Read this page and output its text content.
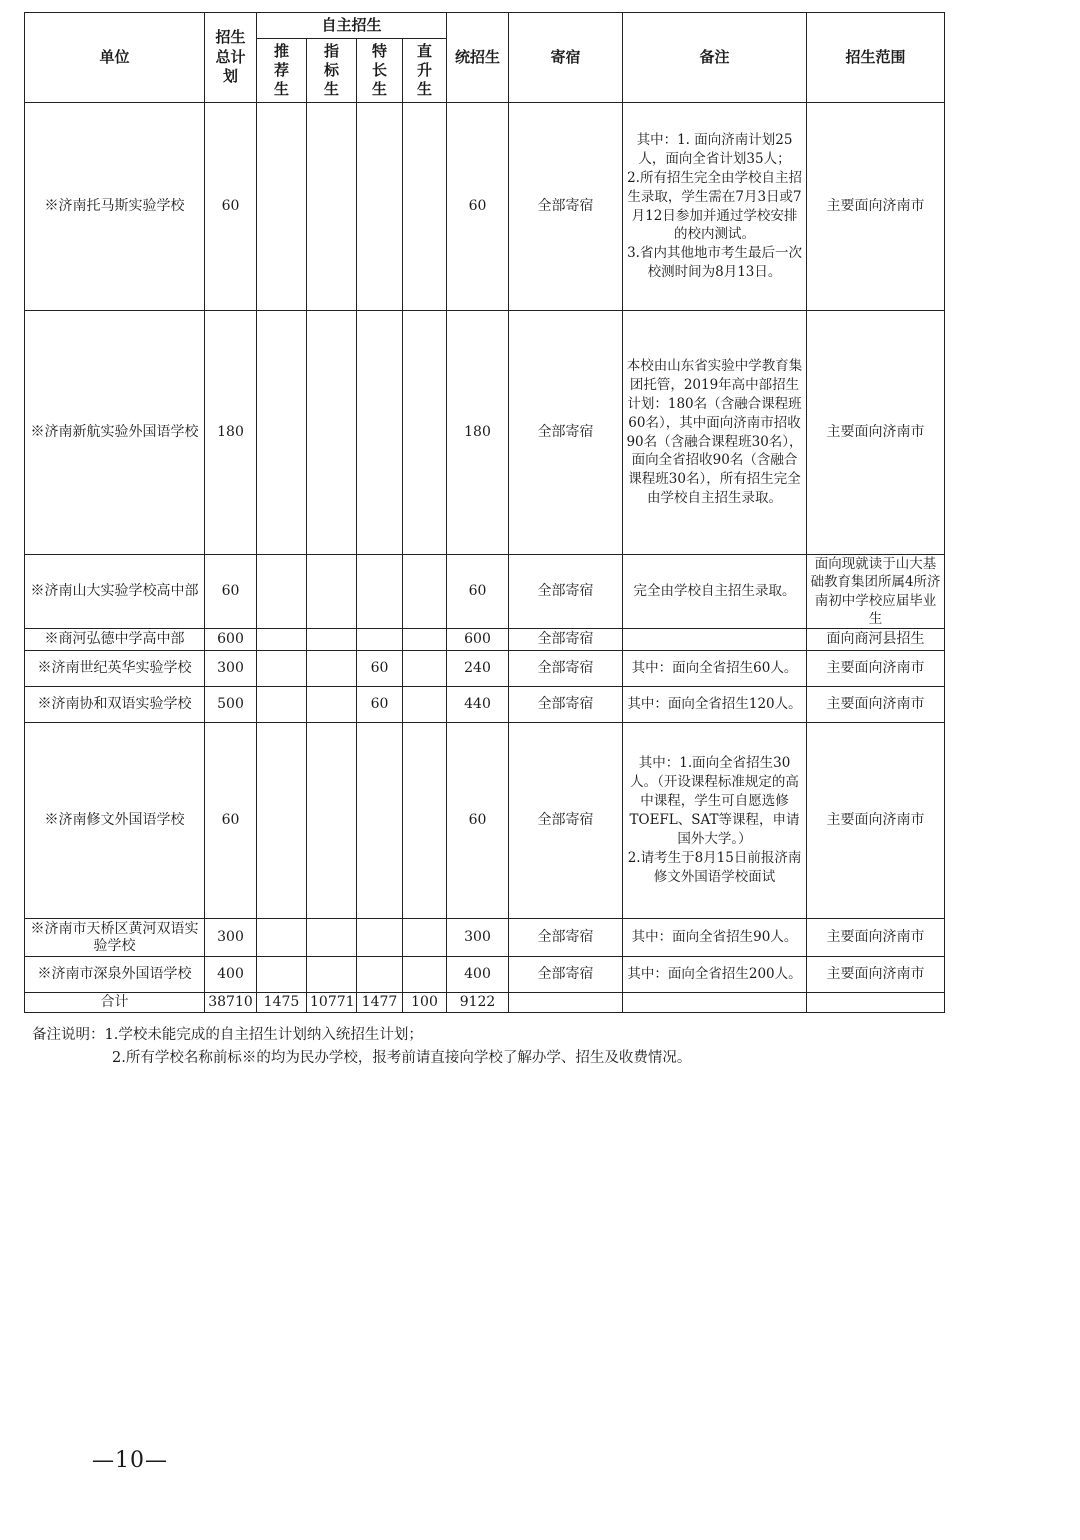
单位	招生总计划	自主招生				统招生	寄宿	备注	招生范围
		推荐生	指标生	特长生	直升生				
※济南托马斯实验学校	60					60	全部寄宿	其中：1. 面向济南计划25人，面向全省计划35人；
2.所有招生完全由学校自主招生录取，学生需在7月3日或7月12日参加并通过学校安排的校内测试。
3.省内其他地市考生最后一次校测时间为8月13日。	主要面向济南市
※济南新航实验外国语学校	180					180	全部寄宿	本校由山东省实验中学教育集团托管，2019年高中部招生计划：180名（含融合课程班60名），其中面向济南市招收90名（含融合课程班30名），面向全省招收90名（含融合课程班30名），所有招生完全由学校自主招生录取。	主要面向济南市
※济南山大实验学校高中部	60					60	全部寄宿	完全由学校自主招生录取。	面向现就读于山大基础教育集团所属4所济南初中学校应届毕业生
※商河弘德中学高中部	600					600	全部寄宿		面向商河县招生
※济南世纪英华实验学校	300			60		240	全部寄宿	其中：面向全省招生60人。	主要面向济南市
※济南协和双语实验学校	500			60		440	全部寄宿	其中：面向全省招生120人。	主要面向济南市
※济南修文外国语学校	60					60	全部寄宿	其中：1.面向全省招生30人。（开设课程标准规定的高中课程，学生可自愿选修TOEFL、SAT等课程，申请国外大学。）
2.请考生于8月15日前报济南修文外国语学校面试	主要面向济南市
※济南市天桥区黄河双语实验学校	300					300	全部寄宿	其中：面向全省招生90人。	主要面向济南市
※济南市深泉外国语学校	400					400	全部寄宿	其中：面向全省招生200人。	主要面向济南市
合计	38710	1475	10771	1477	100	9122			
备注说明：1.学校未能完成的自主招生计划纳入统招生计划；
2.所有学校名称前标※的均为民办学校，报考前请直接向学校了解办学、招生及收费情况。
—10—
